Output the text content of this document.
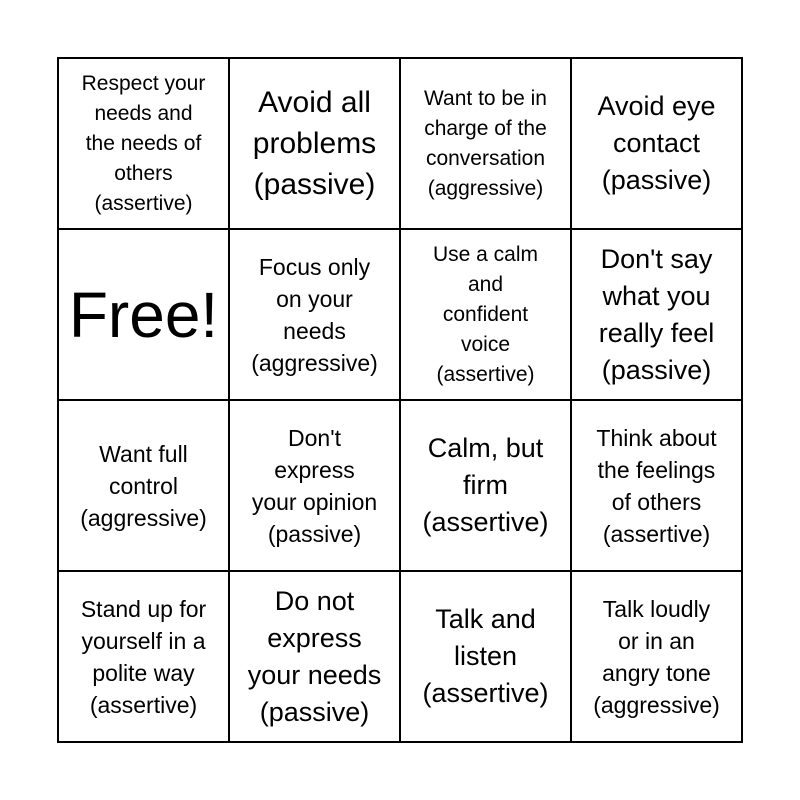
Respect your
needs and
the needs of
others
(assertive)
Avoid all
problems
(passive)
Want to be in
charge of the
conversation
(aggressive)
Avoid eye
contact
(passive)
Free!
Focus only
on your
needs
(aggressive)
Use a calm
and
confident
voice
(assertive)
Don't say
what you
really feel
(passive)
Want full
control
(aggressive)
Don't
express
your opinion
(passive)
Calm, but
firm
(assertive)
Think about
the feelings
of others
(assertive)
Stand up for
yourself in a
polite way
(assertive)
Do not
express
your needs
(passive)
Talk and
listen
(assertive)
Talk loudly
or in an
angry tone
(aggressive)
